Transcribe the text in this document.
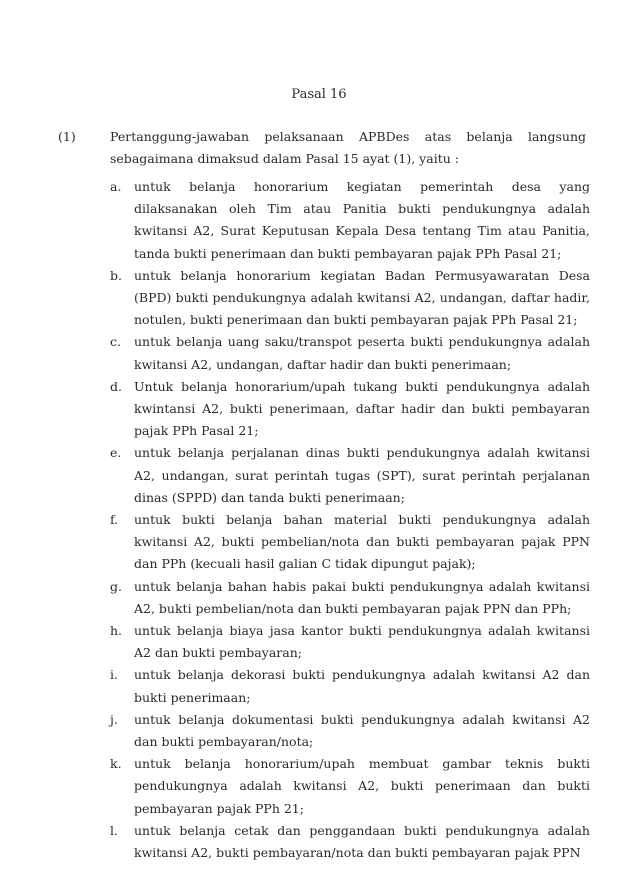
Pasal 16
(1)	Pertanggung-jawaban pelaksanaan APBDes atas belanja langsung sebagaimana dimaksud dalam Pasal 15 ayat (1), yaitu :
a. untuk belanja honorarium kegiatan pemerintah desa yang dilaksanakan oleh Tim atau Panitia bukti pendukungnya adalah kwitansi A2, Surat Keputusan Kepala Desa tentang Tim atau Panitia, tanda bukti penerimaan dan bukti pembayaran pajak PPh Pasal 21;
b. untuk belanja honorarium kegiatan Badan Permusyawaratan Desa (BPD) bukti pendukungnya adalah kwitansi A2, undangan, daftar hadir, notulen, bukti penerimaan dan bukti pembayaran pajak PPh Pasal 21;
c. untuk belanja uang saku/transpot peserta bukti pendukungnya adalah kwitansi A2, undangan, daftar hadir dan bukti penerimaan;
d. Untuk belanja honorarium/upah tukang bukti pendukungnya adalah kwintansi A2, bukti penerimaan, daftar hadir dan bukti pembayaran pajak PPh Pasal 21;
e. untuk belanja perjalanan dinas bukti pendukungnya adalah kwitansi A2, undangan, surat perintah tugas (SPT), surat perintah perjalanan dinas (SPPD) dan tanda bukti penerimaan;
f. untuk bukti belanja bahan material bukti pendukungnya adalah kwitansi A2, bukti pembelian/nota dan bukti pembayaran pajak PPN dan PPh (kecuali hasil galian C tidak dipungut pajak);
g. untuk belanja bahan habis pakai bukti pendukungnya adalah kwitansi A2, bukti pembelian/nota dan bukti pembayaran pajak PPN dan PPh;
h. untuk belanja biaya jasa kantor bukti pendukungnya adalah kwitansi A2 dan bukti pembayaran;
i. untuk belanja dekorasi bukti pendukungnya adalah kwitansi A2 dan bukti penerimaan;
j. untuk belanja dokumentasi bukti pendukungnya adalah kwitansi A2 dan bukti pembayaran/nota;
k. untuk belanja honorarium/upah membuat gambar teknis bukti pendukungnya adalah kwitansi A2, bukti penerimaan dan bukti pembayaran pajak PPh 21;
l. untuk belanja cetak dan penggandaan bukti pendukungnya adalah kwitansi A2, bukti pembayaran/nota dan bukti pembayaran pajak PPN
